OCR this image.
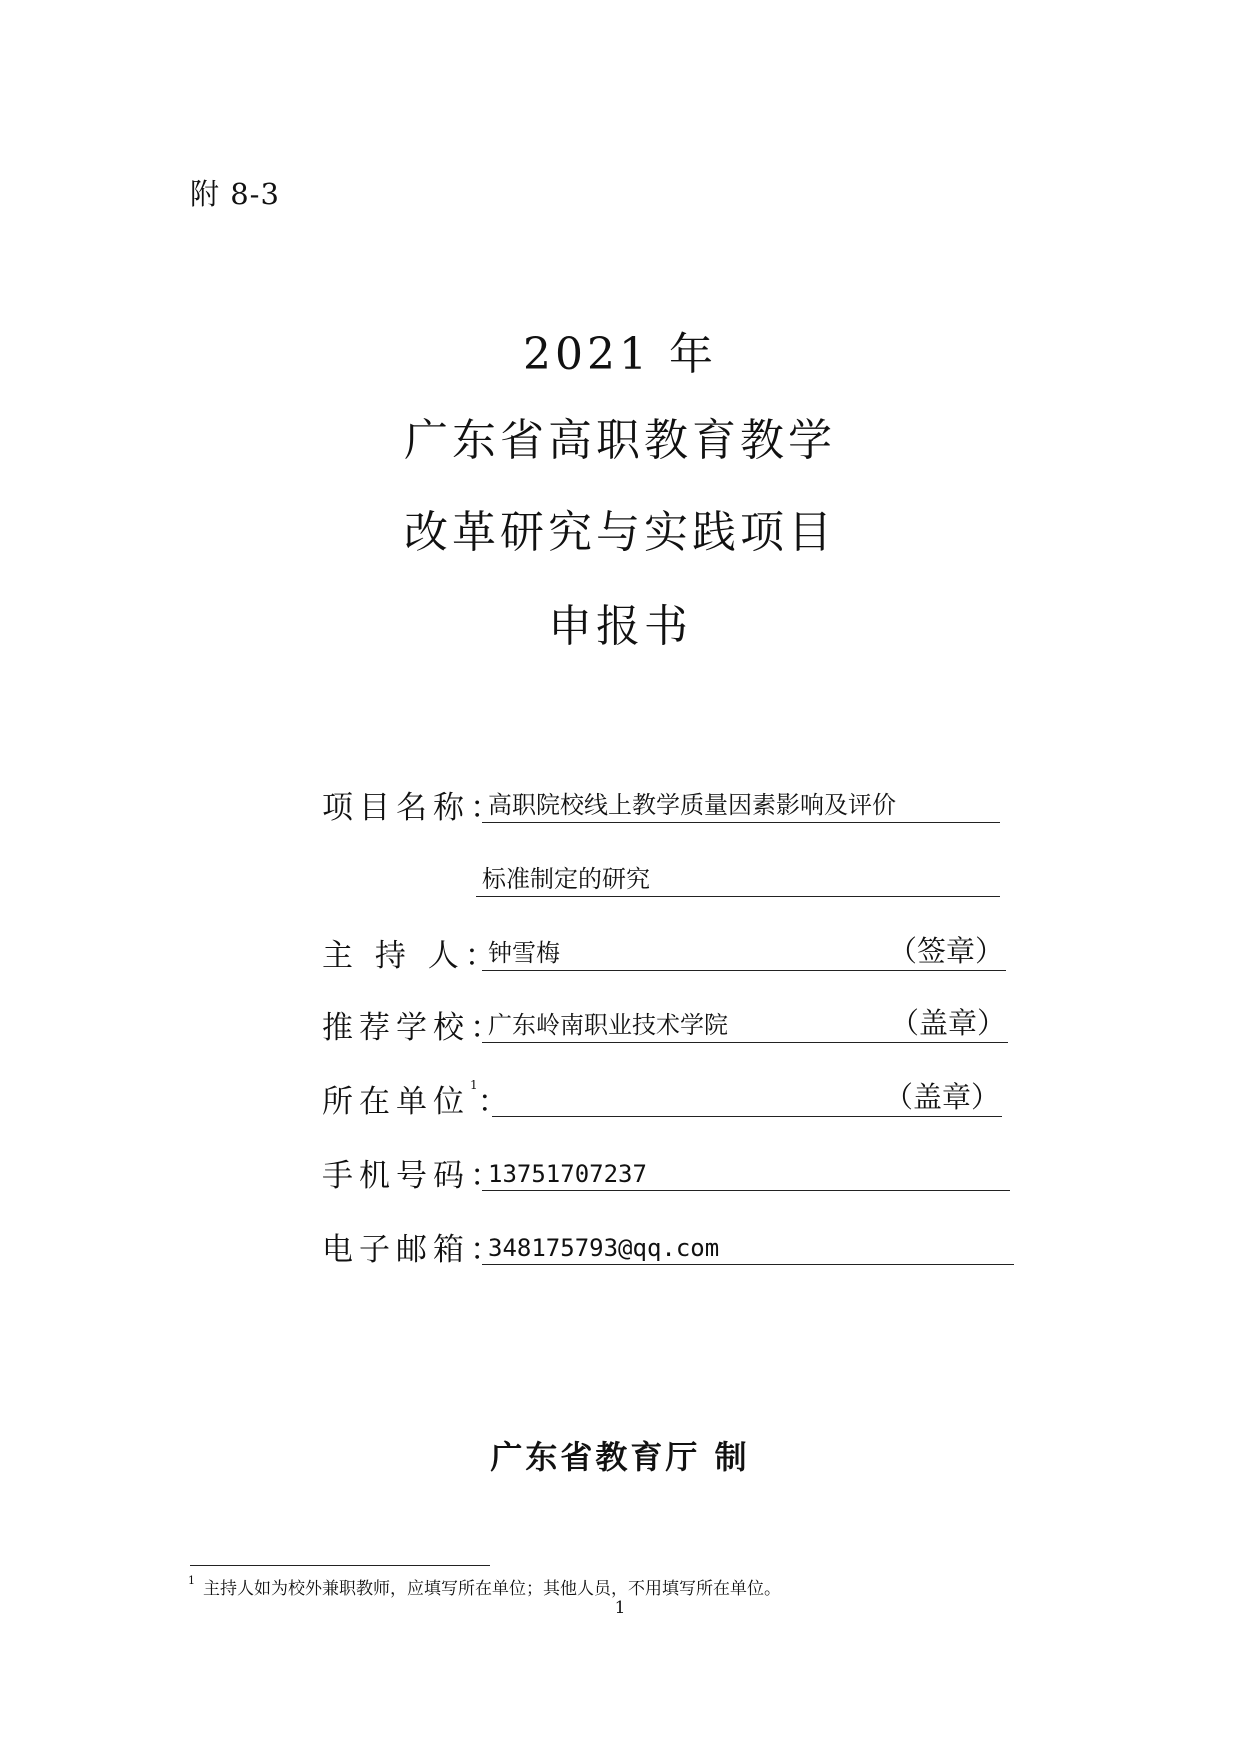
附 8-3
2021 年
广东省高职教育教学
改革研究与实践项目
申报书
项目名称：
高职院校线上教学质量因素影响及评价
标准制定的研究
主 持 人：
钟雪梅	（签章）
推荐学校：
广东岭南职业技术学院	（盖章）
所在单位$^1$：	（盖章）
手机号码：
13751707237
电子邮箱：
348175793@qq.com
广东省教育厅 制
$^1$ 主持人如为校外兼职教师，应填写所在单位；其他人员，不用填写所在单位。
1
